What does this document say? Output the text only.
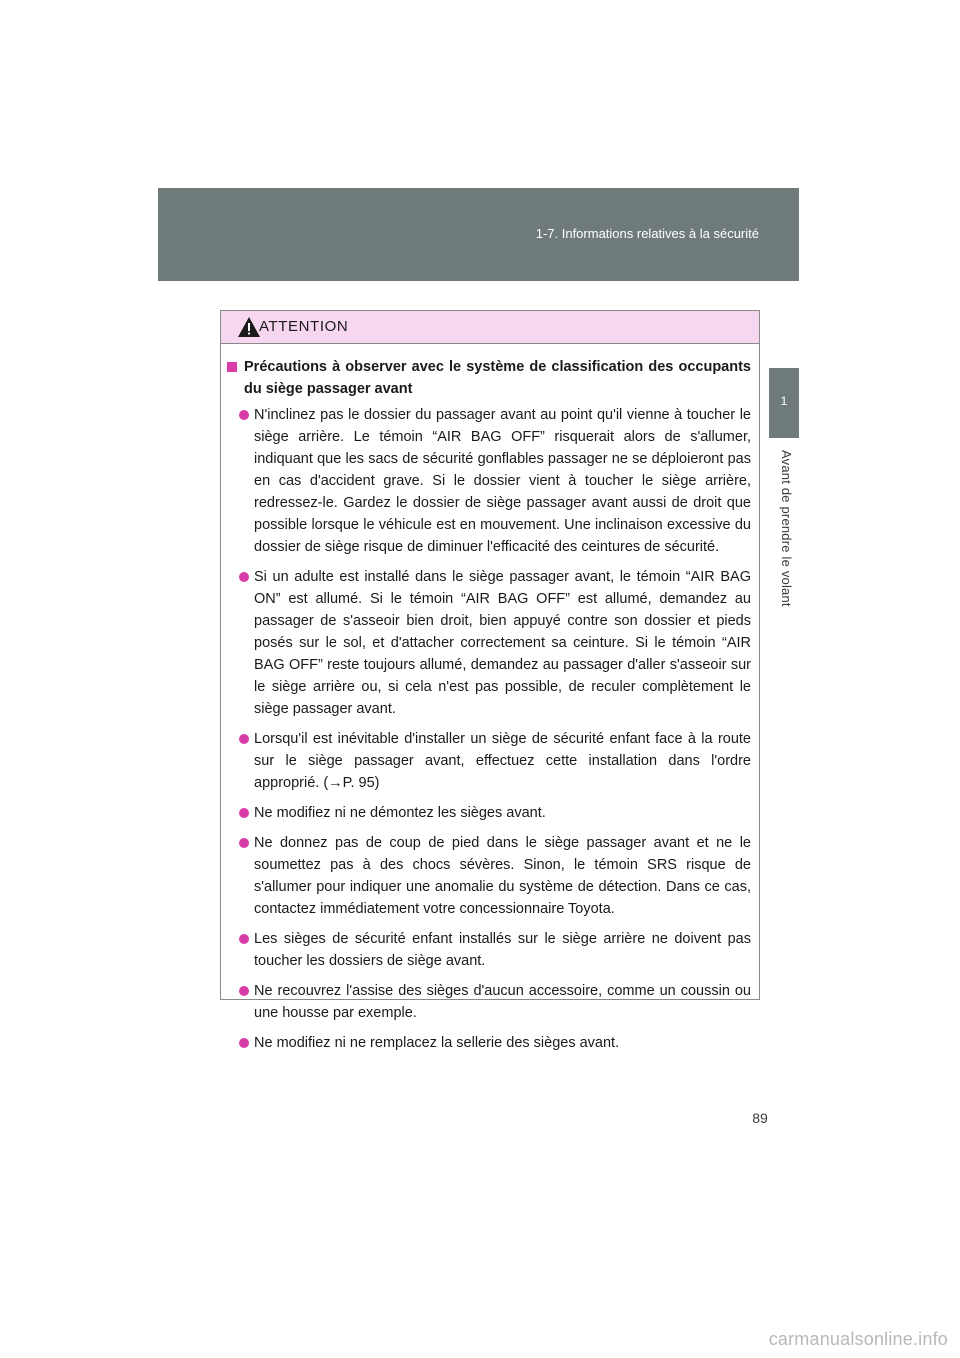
1-7. Informations relatives à la sécurité
1
Avant de prendre le volant
ATTENTION
Précautions à observer avec le système de classification des occupants du siège passager avant
N'inclinez pas le dossier du passager avant au point qu'il vienne à toucher le siège arrière. Le témoin “AIR BAG OFF” risquerait alors de s'allumer, indiquant que les sacs de sécurité gonflables passager ne se déploieront pas en cas d'accident grave. Si le dossier vient à toucher le siège arrière, redressez-le. Gardez le dossier de siège passager avant aussi de droit que possible lorsque le véhicule est en mouvement. Une inclinaison excessive du dossier de siège risque de diminuer l'efficacité des ceintures de sécurité.
Si un adulte est installé dans le siège passager avant, le témoin “AIR BAG ON” est allumé. Si le témoin “AIR BAG OFF” est allumé, demandez au passager de s'asseoir bien droit, bien appuyé contre son dossier et pieds posés sur le sol, et d'attacher correctement sa ceinture. Si le témoin “AIR BAG OFF” reste toujours allumé, demandez au passager d'aller s'asseoir sur le siège arrière ou, si cela n'est pas possible, de reculer complètement le siège passager avant.
Lorsqu'il est inévitable d'installer un siège de sécurité enfant face à la route sur le siège passager avant, effectuez cette installation dans l'ordre approprié. (→P. 95)
Ne modifiez ni ne démontez les sièges avant.
Ne donnez pas de coup de pied dans le siège passager avant et ne le soumettez pas à des chocs sévères. Sinon, le témoin SRS risque de s'allumer pour indiquer une anomalie du système de détection. Dans ce cas, contactez immédiatement votre concessionnaire Toyota.
Les sièges de sécurité enfant installés sur le siège arrière ne doivent pas toucher les dossiers de siège avant.
Ne recouvrez l'assise des sièges d'aucun accessoire, comme un coussin ou une housse par exemple.
Ne modifiez ni ne remplacez la sellerie des sièges avant.
89
carmanualsonline.info
